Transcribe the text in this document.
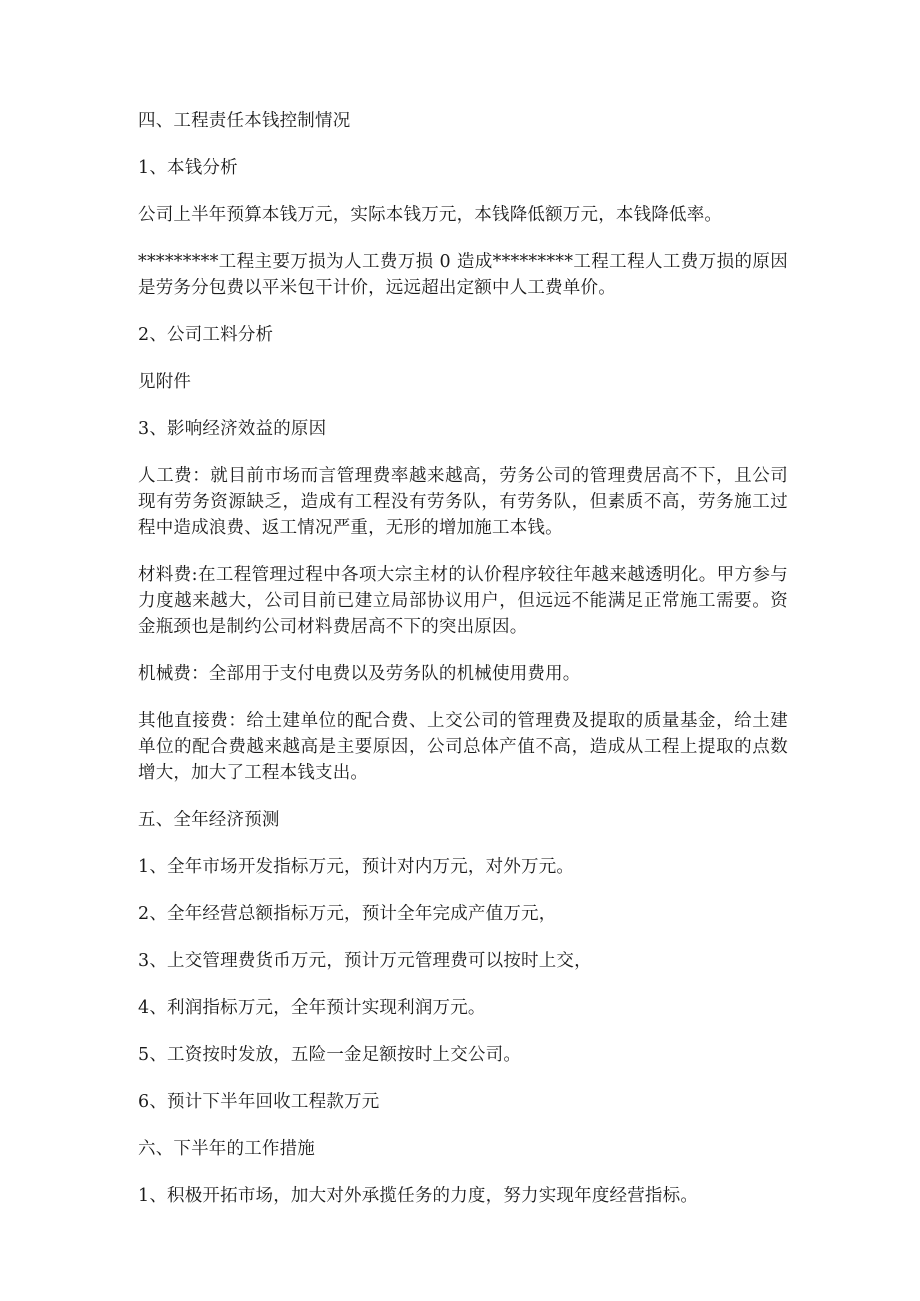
四、工程责任本钱控制情况

1、本钱分析

公司上半年预算本钱万元，实际本钱万元，本钱降低额万元，本钱降低率。

*********工程主要万损为人工费万损 0 造成*********工程工程人工费万损的原因是劳务分包费以平米包干计价，远远超出定额中人工费单价。

2、公司工料分析

见附件

3、影响经济效益的原因

人工费：就目前市场而言管理费率越来越高，劳务公司的管理费居高不下，且公司现有劳务资源缺乏，造成有工程没有劳务队，有劳务队，但素质不高，劳务施工过程中造成浪费、返工情况严重，无形的增加施工本钱。

材料费:在工程管理过程中各项大宗主材的认价程序较往年越来越透明化。甲方参与力度越来越大，公司目前已建立局部协议用户，但远远不能满足正常施工需要。资金瓶颈也是制约公司材料费居高不下的突出原因。

机械费：全部用于支付电费以及劳务队的机械使用费用。

其他直接费：给土建单位的配合费、上交公司的管理费及提取的质量基金，给土建单位的配合费越来越高是主要原因，公司总体产值不高，造成从工程上提取的点数增大，加大了工程本钱支出。

五、全年经济预测

1、全年市场开发指标万元，预计对内万元，对外万元。

2、全年经营总额指标万元，预计全年完成产值万元，

3、上交管理费货币万元，预计万元管理费可以按时上交，

4、利润指标万元，全年预计实现利润万元。

5、工资按时发放，五险一金足额按时上交公司。

6、预计下半年回收工程款万元

六、下半年的工作措施

1、积极开拓市场，加大对外承揽任务的力度，努力实现年度经营指标。
